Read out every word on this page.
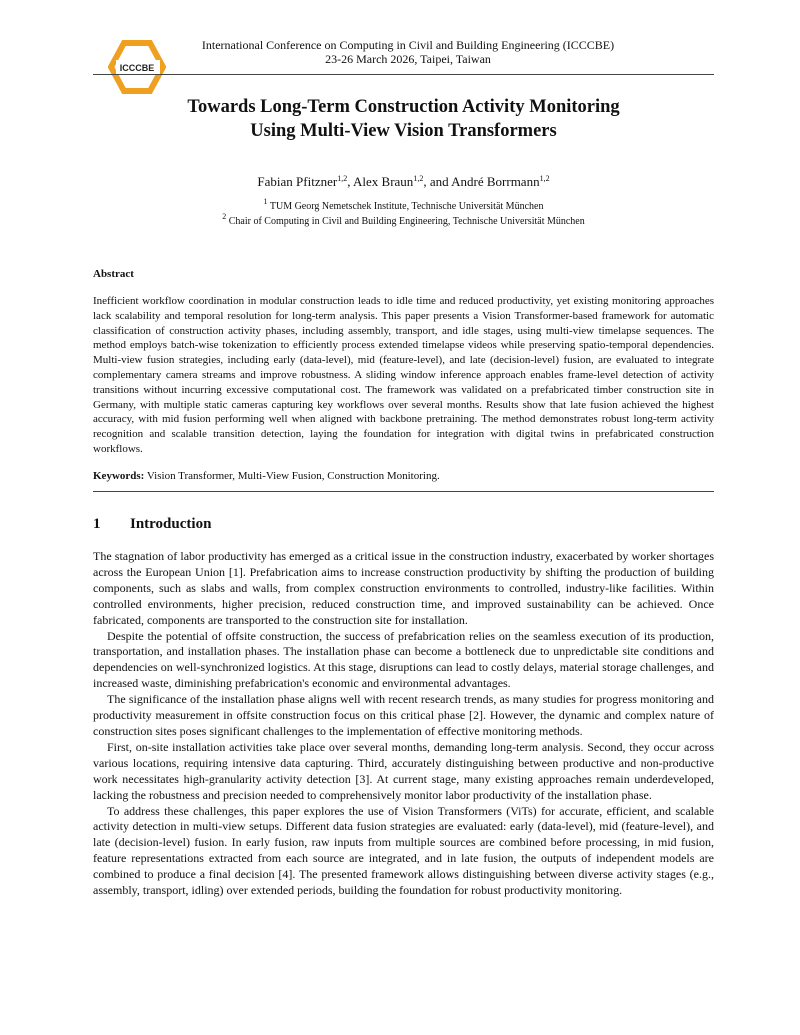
ICCCBE
International Conference on Computing in Civil and Building Engineering (ICCCBE)
23-26 March 2026, Taipei, Taiwan
Towards Long-Term Construction Activity Monitoring
Using Multi-View Vision Transformers
Fabian Pfitzner$^{1,2}$, Alex Braun$^{1,2}$, and André Borrmann$^{1,2}$
$^1$ TUM Georg Nemetschek Institute, Technische Universität München
$^2$ Chair of Computing in Civil and Building Engineering, Technische Universität München
Abstract

Inefficient workflow coordination in modular construction leads to idle time and reduced productivity, yet existing monitoring approaches lack scalability and temporal resolution for long-term analysis. This paper presents a Vision Transformer-based framework for automatic classification of construction activity phases, including assembly, transport, and idle stages, using multi-view timelapse sequences. The method employs batch-wise tokenization to efficiently process extended timelapse videos while preserving spatio-temporal dependencies. Multi-view fusion strategies, including early (data-level), mid (feature-level), and late (decision-level) fusion, are evaluated to integrate complementary camera streams and improve robustness. A sliding window inference approach enables frame-level detection of activity transitions without incurring excessive computational cost. The framework was validated on a prefabricated timber construction site in Germany, with multiple static cameras capturing key workflows over several months. Results show that late fusion achieved the highest accuracy, with mid fusion performing well when aligned with backbone pretraining. The method demonstrates robust long-term activity recognition and scalable transition detection, laying the foundation for integration with digital twins in prefabricated construction workflows.

Keywords: Vision Transformer, Multi-View Fusion, Construction Monitoring.
1 Introduction

The stagnation of labor productivity has emerged as a critical issue in the construction industry, exacerbated by worker shortages across the European Union [1]. Prefabrication aims to increase construction productivity by shifting the production of building components, such as slabs and walls, from complex construction environments to controlled, industry-like facilities. Within controlled environments, higher precision, reduced construction time, and improved sustainability can be achieved. Once fabricated, components are transported to the construction site for installation.

Despite the potential of offsite construction, the success of prefabrication relies on the seamless execution of its production, transportation, and installation phases. The installation phase can become a bottleneck due to unpredictable site conditions and dependencies on well-synchronized logistics. At this stage, disruptions can lead to costly delays, material storage challenges, and increased waste, diminishing prefabrication's economic and environmental advantages.

The significance of the installation phase aligns well with recent research trends, as many studies for progress monitoring and productivity measurement in offsite construction focus on this critical phase [2]. However, the dynamic and complex nature of construction sites poses significant challenges to the implementation of effective monitoring methods.

First, on-site installation activities take place over several months, demanding long-term analysis. Second, they occur across various locations, requiring intensive data capturing. Third, accurately distinguishing between productive and non-productive work necessitates high-granularity activity detection [3]. At current stage, many existing approaches remain underdeveloped, lacking the robustness and precision needed to comprehensively monitor labor productivity of the installation phase.

To address these challenges, this paper explores the use of Vision Transformers (ViTs) for accurate, efficient, and scalable activity detection in multi-view setups. Different data fusion strategies are evaluated: early (data-level), mid (feature-level), and late (decision-level) fusion. In early fusion, raw inputs from multiple sources are combined before processing, in mid fusion, feature representations extracted from each source are integrated, and in late fusion, the outputs of independent models are combined to produce a final decision [4]. The presented framework allows distinguishing between diverse activity stages (e.g., assembly, transport, idling) over extended periods, building the foundation for robust productivity monitoring.
